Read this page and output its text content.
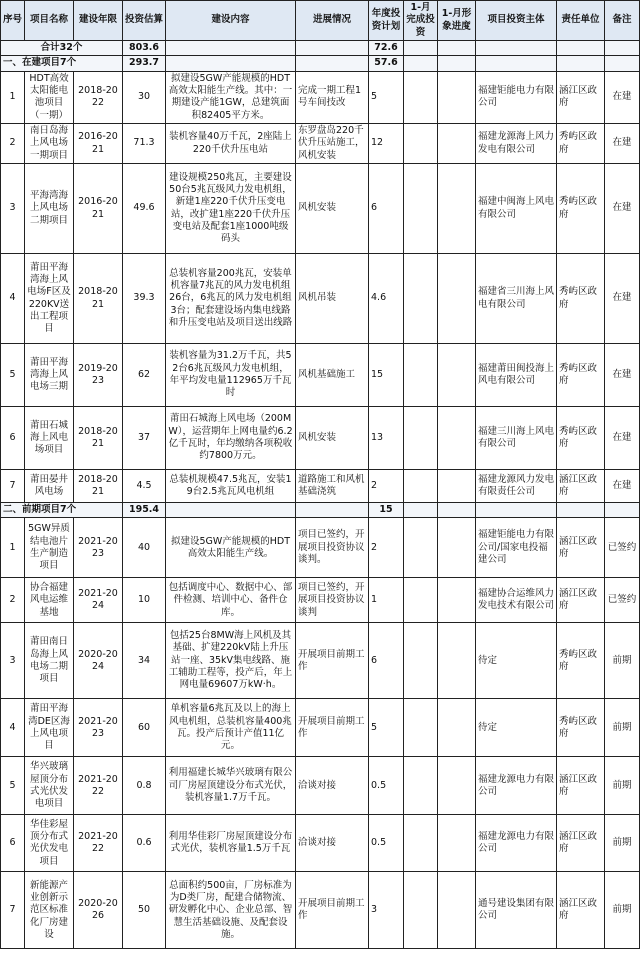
序号	项目名称	建设年限	投资估算	建设内容	进展情况	年度投资计划	1-月完成投资	1-月形象进度	项目投资主体	责任单位	备注
合计32个			803.6			72.6					
一、在建项目7个			293.7			57.6					
1	HDT高效太阳能电池项目（一期）	2018-2022	30	拟建设5GW产能规模的HDT高效太阳能生产线。其中：一期建设产能1GW，总建筑面积82405平方米。	完成一期工程1号车间技改	5			福建钜能电力有限公司	涵江区政府	在建
2	南日岛海上风电场一期项目	2016-2021	71.3	装机容量40万千瓦，2座陆上220千伏升压电站	东罗盘岛220千伏升压站施工，风机安装	12			福建龙源海上风力发电有限公司	秀屿区政府	在建
3	平海湾海上风电场二期项目	2016-2021	49.6	建设规模250兆瓦，主要建设50台5兆瓦级风力发电机组，新建1座220千伏升压变电站，改扩建1座220千伏升压变电站及配套1座1000吨级码头	风机安装	6			福建中闽海上风电有限公司	秀屿区政府	在建
4	莆田平海湾海上风电场F区及220KV送出工程项目	2018-2021	39.3	总装机容量200兆瓦，安装单机容量7兆瓦的风力发电机组26台，6兆瓦的风力发电机组3台；配套建设场内集电线路和升压变电站及项目送出线路	风机吊装	4.6			福建省三川海上风电有限公司	秀屿区政府	在建
5	莆田平海湾海上风电场三期	2019-2023	62	装机容量为31.2万千瓦，共52台6兆瓦级风力发电机组，年平均发电量112965万千瓦时	风机基础施工	15			福建莆田闽投海上风电有限公司	秀屿区政府	在建
6	莆田石城海上风电场项目	2018-2021	37	莆田石城海上风电场（200MW），运营期年上网电量约6.2亿千瓦时，年均缴纳各项税收约7800万元。	风机安装	13			福建三川海上风电有限公司	秀屿区政府	在建
7	莆田晏井风电场	2018-2021	4.5	总装机规模47.5兆瓦，安装19台2.5兆瓦风电机组	道路施工和风机基础浇筑	2			福建龙源风力发电有限责任公司	涵江区政府	在建
二、前期项目7个			195.4			15					
1	5GW异质结电池片生产制造项目	2021-2023	40	拟建设5GW产能规模的HDT高效太阳能生产线。	项目已签约，开展项目投资协议谈判。	2			福建钜能电力有限公司/国家电投福建公司	涵江区政府	已签约
2	协合福建风电运维基地	2021-2024	10	包括调度中心、数据中心、部件检测、培训中心、备件仓库。	项目已签约，开展项目投资协议谈判	1			福建协合运维风力发电技术有限公司	涵江区政府	已签约
3	莆田南日岛海上风电场二期项目	2020-2024	34	包括25台8MW海上风机及其基础、扩建220kV陆上升压站一座、35kV集电线路、施工辅助工程等，投产后，年上网电量69607万kW·h。	开展项目前期工作	6			待定	秀屿区政府	前期
4	莆田平海湾DE区海上风电项目	2021-2023	60	单机容量6兆瓦及以上的海上风电机组，总装机容量400兆瓦。投产后预计产值11亿元。	开展项目前期工作	5			待定	秀屿区政府	前期
5	华兴玻璃屋顶分布式光伏发电项目	2021-2022	0.8	利用福建长城华兴玻璃有限公司厂房屋顶建设分布式光伏，装机容量1.7万千瓦。	洽谈对接	0.5			福建龙源电力有限公司	涵江区政府	前期
6	华佳彩屋顶分布式光伏发电项目	2021-2022	0.6	利用华佳彩厂房屋顶建设分布式光伏，装机容量1.5万千瓦	洽谈对接	0.5			福建龙源电力有限公司	涵江区政府	前期
7	新能源产业创新示范区标准化厂房建设	2020-2026	50	总面积约500亩，厂房标准为为D类厂房，配建合储物流、研发孵化中心、企业总部、智慧生活基础设施、及配套设施。	开展项目前期工作	3			通号建设集团有限公司	涵江区政府	前期
